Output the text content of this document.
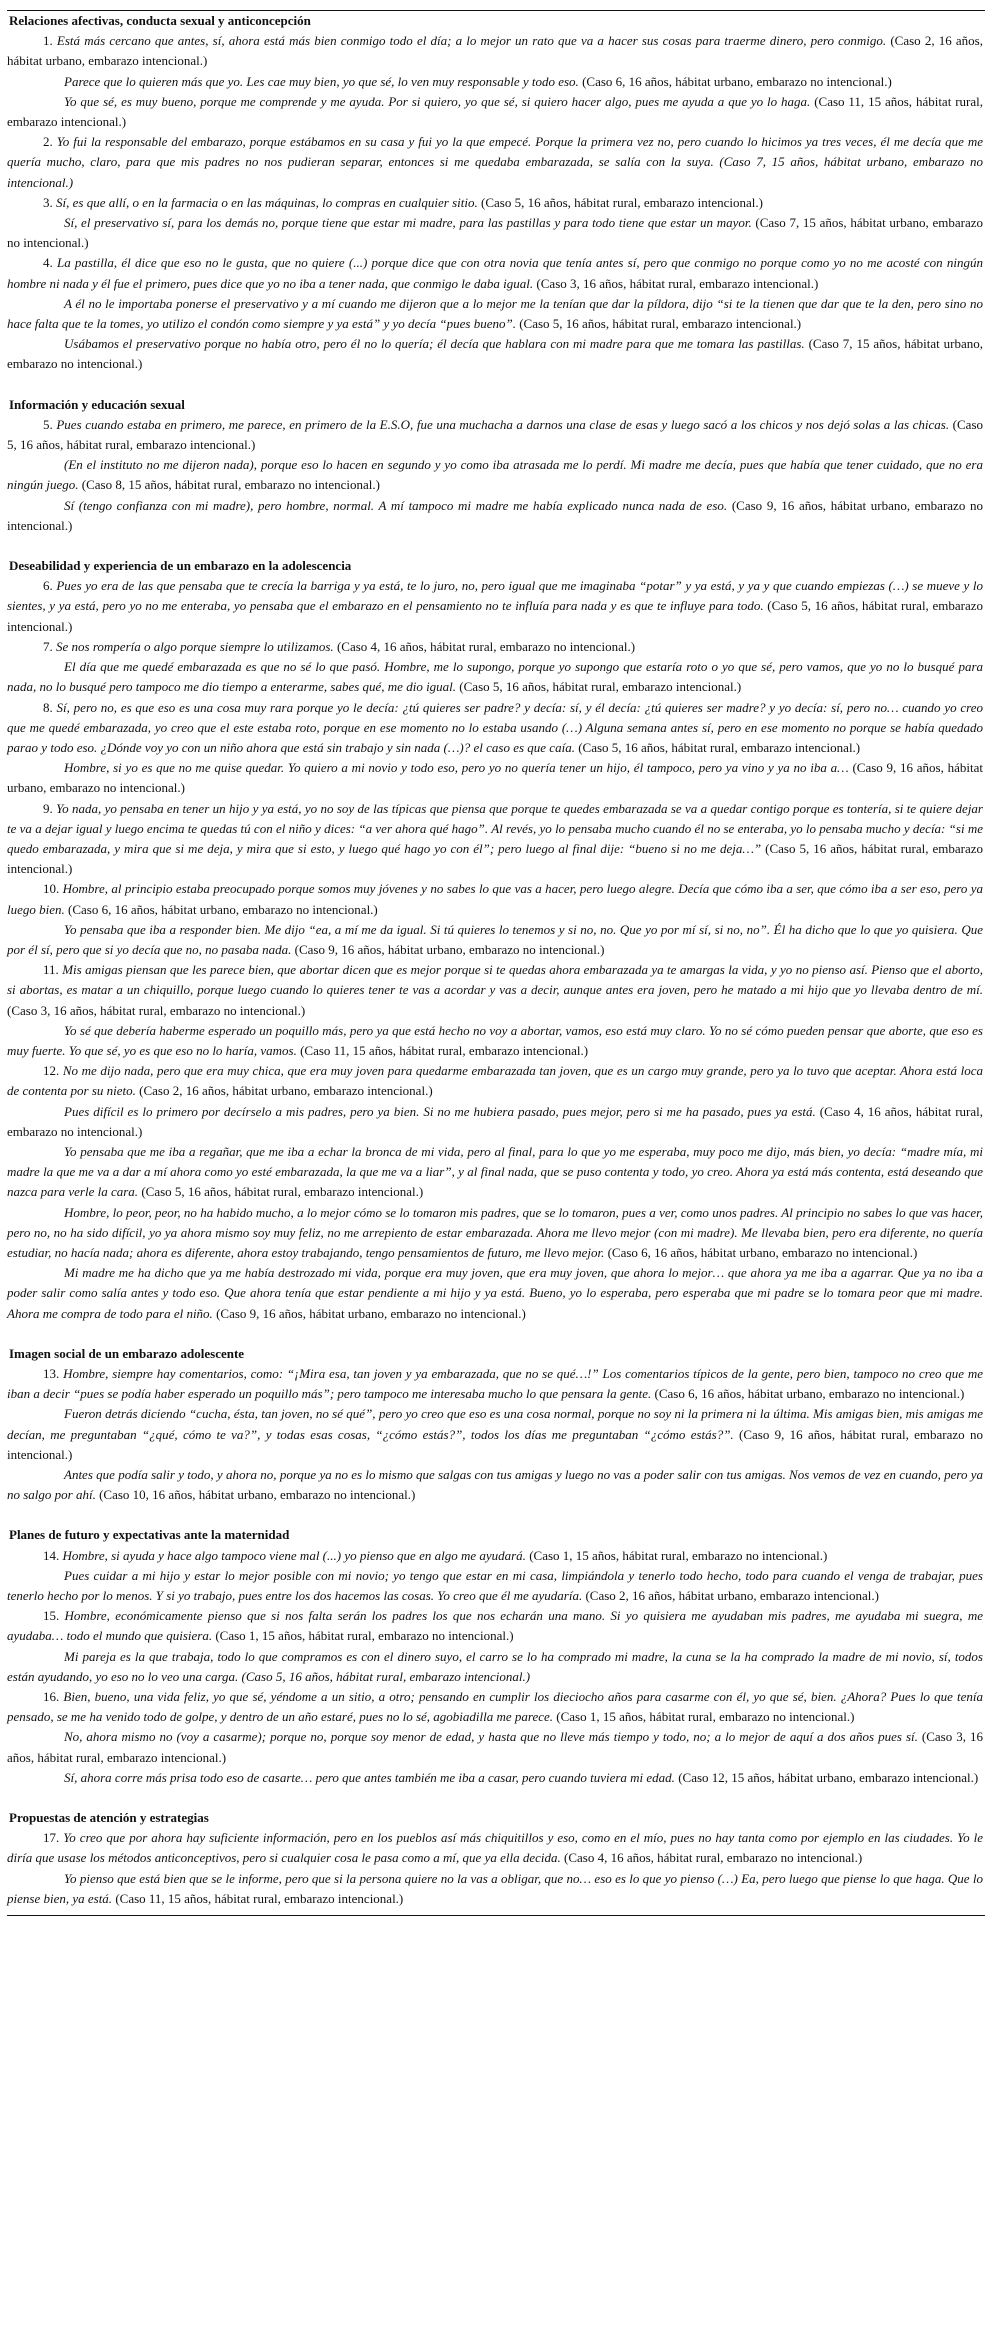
Relaciones afectivas, conducta sexual y anticoncepción

1. Está más cercano que antes, sí, ahora está más bien conmigo todo el día; a lo mejor un rato que va a hacer sus cosas para traerme dinero, pero conmigo. (Caso 2, 16 años, hábitat urbano, embarazo intencional.)

Parece que lo quieren más que yo. Les cae muy bien, yo que sé, lo ven muy responsable y todo eso. (Caso 6, 16 años, hábitat urbano, embarazo no intencional.)

Yo que sé, es muy bueno, porque me comprende y me ayuda. Por si quiero, yo que sé, si quiero hacer algo, pues me ayuda a que yo lo haga. (Caso 11, 15 años, hábitat rural, embarazo intencional.)

2. Yo fui la responsable del embarazo, porque estábamos en su casa y fui yo la que empecé. Porque la primera vez no, pero cuando lo hicimos ya tres veces, él me decía que me quería mucho, claro, para que mis padres no nos pudieran separar, entonces si me quedaba embarazada, se salía con la suya. (Caso 7, 15 años, hábitat urbano, embarazo no intencional.)

3. Sí, es que allí, o en la farmacia o en las máquinas, lo compras en cualquier sitio. (Caso 5, 16 años, hábitat rural, embarazo intencional.)

Sí, el preservativo sí, para los demás no, porque tiene que estar mi madre, para las pastillas y para todo tiene que estar un mayor. (Caso 7, 15 años, hábitat urbano, embarazo no intencional.)

4. La pastilla, él dice que eso no le gusta, que no quiere (...) porque dice que con otra novia que tenía antes sí, pero que conmigo no porque como yo no me acosté con ningún hombre ni nada y él fue el primero, pues dice que yo no iba a tener nada, que conmigo le daba igual. (Caso 3, 16 años, hábitat rural, embarazo intencional.)

A él no le importaba ponerse el preservativo y a mí cuando me dijeron que a lo mejor me la tenían que dar la píldora, dijo “si te la tienen que dar que te la den, pero sino no hace falta que te la tomes, yo utilizo el condón como siempre y ya está” y yo decía “pues bueno”. (Caso 5, 16 años, hábitat rural, embarazo intencional.)

Usábamos el preservativo porque no había otro, pero él no lo quería; él decía que hablara con mi madre para que me tomara las pastillas. (Caso 7, 15 años, hábitat urbano, embarazo no intencional.)

Información y educación sexual

5. Pues cuando estaba en primero, me parece, en primero de la E.S.O, fue una muchacha a darnos una clase de esas y luego sacó a los chicos y nos dejó solas a las chicas. (Caso 5, 16 años, hábitat rural, embarazo intencional.)

(En el instituto no me dijeron nada), porque eso lo hacen en segundo y yo como iba atrasada me lo perdí. Mi madre me decía, pues que había que tener cuidado, que no era ningún juego. (Caso 8, 15 años, hábitat rural, embarazo no intencional.)

Sí (tengo confianza con mi madre), pero hombre, normal. A mí tampoco mi madre me había explicado nunca nada de eso. (Caso 9, 16 años, hábitat urbano, embarazo no intencional.)

Deseabilidad y experiencia de un embarazo en la adolescencia

6. Pues yo era de las que pensaba que te crecía la barriga y ya está, te lo juro, no, pero igual que me imaginaba “potar” y ya está, y ya y que cuando empiezas (…) se mueve y lo sientes, y ya está, pero yo no me enteraba, yo pensaba que el embarazo en el pensamiento no te influía para nada y es que te influye para todo. (Caso 5, 16 años, hábitat rural, embarazo intencional.)

7. Se nos rompería o algo porque siempre lo utilizamos. (Caso 4, 16 años, hábitat rural, embarazo no intencional.)

El día que me quedé embarazada es que no sé lo que pasó. Hombre, me lo supongo, porque yo supongo que estaría roto o yo que sé, pero vamos, que yo no lo busqué para nada, no lo busqué pero tampoco me dio tiempo a enterarme, sabes qué, me dio igual. (Caso 5, 16 años, hábitat rural, embarazo intencional.)

8. Sí, pero no, es que eso es una cosa muy rara porque yo le decía: ¿tú quieres ser padre? y decía: sí, y él decía: ¿tú quieres ser madre? y yo decía: sí, pero no… cuando yo creo que me quedé embarazada, yo creo que el este estaba roto, porque en ese momento no lo estaba usando (…) Alguna semana antes sí, pero en ese momento no porque se había quedado parao y todo eso. ¿Dónde voy yo con un niño ahora que está sin trabajo y sin nada (…)? el caso es que caía. (Caso 5, 16 años, hábitat rural, embarazo intencional.)

Hombre, si yo es que no me quise quedar. Yo quiero a mi novio y todo eso, pero yo no quería tener un hijo, él tampoco, pero ya vino y ya no iba a… (Caso 9, 16 años, hábitat urbano, embarazo no intencional.)

9. Yo nada, yo pensaba en tener un hijo y ya está, yo no soy de las típicas que piensa que porque te quedes embarazada se va a quedar contigo porque es tontería, si te quiere dejar te va a dejar igual y luego encima te quedas tú con el niño y dices: “a ver ahora qué hago”. Al revés, yo lo pensaba mucho cuando él no se enteraba, yo lo pensaba mucho y decía: “si me quedo embarazada, y mira que si me deja, y mira que si esto, y luego qué hago yo con él”; pero luego al final dije: “bueno si no me deja…” (Caso 5, 16 años, hábitat rural, embarazo intencional.)

10. Hombre, al principio estaba preocupado porque somos muy jóvenes y no sabes lo que vas a hacer, pero luego alegre. Decía que cómo iba a ser, que cómo iba a ser eso, pero ya luego bien. (Caso 6, 16 años, hábitat urbano, embarazo no intencional.)

Yo pensaba que iba a responder bien. Me dijo “ea, a mí me da igual. Si tú quieres lo tenemos y si no, no. Que yo por mí sí, si no, no”. Él ha dicho que lo que yo quisiera. Que por él sí, pero que si yo decía que no, no pasaba nada. (Caso 9, 16 años, hábitat urbano, embarazo no intencional.)

11. Mis amigas piensan que les parece bien, que abortar dicen que es mejor porque si te quedas ahora embarazada ya te amargas la vida, y yo no pienso así. Pienso que el aborto, si abortas, es matar a un chiquillo, porque luego cuando lo quieres tener te vas a acordar y vas a decir, aunque antes era joven, pero he matado a mi hijo que yo llevaba dentro de mí. (Caso 3, 16 años, hábitat rural, embarazo no intencional.)

Yo sé que debería haberme esperado un poquillo más, pero ya que está hecho no voy a abortar, vamos, eso está muy claro. Yo no sé cómo pueden pensar que aborte, que eso es muy fuerte. Yo que sé, yo es que eso no lo haría, vamos. (Caso 11, 15 años, hábitat rural, embarazo intencional.)

12. No me dijo nada, pero que era muy chica, que era muy joven para quedarme embarazada tan joven, que es un cargo muy grande, pero ya lo tuvo que aceptar. Ahora está loca de contenta por su nieto. (Caso 2, 16 años, hábitat urbano, embarazo intencional.)

Pues difícil es lo primero por decírselo a mis padres, pero ya bien. Si no me hubiera pasado, pues mejor, pero si me ha pasado, pues ya está. (Caso 4, 16 años, hábitat rural, embarazo no intencional.)

Yo pensaba que me iba a regañar, que me iba a echar la bronca de mi vida, pero al final, para lo que yo me esperaba, muy poco me dijo, más bien, yo decía: “madre mía, mi madre la que me va a dar a mí ahora como yo esté embarazada, la que me va a liar”, y al final nada, que se puso contenta y todo, yo creo. Ahora ya está más contenta, está deseando que nazca para verle la cara. (Caso 5, 16 años, hábitat rural, embarazo intencional.)

Hombre, lo peor, peor, no ha habido mucho, a lo mejor cómo se lo tomaron mis padres, que se lo tomaron, pues a ver, como unos padres. Al principio no sabes lo que vas hacer, pero no, no ha sido difícil, yo ya ahora mismo soy muy feliz, no me arrepiento de estar embarazada. Ahora me llevo mejor (con mi madre). Me llevaba bien, pero era diferente, no quería estudiar, no hacía nada; ahora es diferente, ahora estoy trabajando, tengo pensamientos de futuro, me llevo mejor. (Caso 6, 16 años, hábitat urbano, embarazo no intencional.)

Mi madre me ha dicho que ya me había destrozado mi vida, porque era muy joven, que era muy joven, que ahora lo mejor… que ahora ya me iba a agarrar. Que ya no iba a poder salir como salía antes y todo eso. Que ahora tenía que estar pendiente a mi hijo y ya está. Bueno, yo lo esperaba, pero esperaba que mi padre se lo tomara peor que mi madre. Ahora me compra de todo para el niño. (Caso 9, 16 años, hábitat urbano, embarazo no intencional.)

Imagen social de un embarazo adolescente

13. Hombre, siempre hay comentarios, como: “¡Mira esa, tan joven y ya embarazada, que no se qué…!” Los comentarios típicos de la gente, pero bien, tampoco no creo que me iban a decir “pues se podía haber esperado un poquillo más”; pero tampoco me interesaba mucho lo que pensara la gente. (Caso 6, 16 años, hábitat urbano, embarazo no intencional.)

Fueron detrás diciendo “cucha, ésta, tan joven, no sé qué”, pero yo creo que eso es una cosa normal, porque no soy ni la primera ni la última. Mis amigas bien, mis amigas me decían, me preguntaban “¿qué, cómo te va?”, y todas esas cosas, “¿cómo estás?”, todos los días me preguntaban “¿cómo estás?”. (Caso 9, 16 años, hábitat rural, embarazo no intencional.)

Antes que podía salir y todo, y ahora no, porque ya no es lo mismo que salgas con tus amigas y luego no vas a poder salir con tus amigas. Nos vemos de vez en cuando, pero ya no salgo por ahí. (Caso 10, 16 años, hábitat urbano, embarazo no intencional.)

Planes de futuro y expectativas ante la maternidad

14. Hombre, si ayuda y hace algo tampoco viene mal (...) yo pienso que en algo me ayudará. (Caso 1, 15 años, hábitat rural, embarazo no intencional.)

Pues cuidar a mi hijo y estar lo mejor posible con mi novio; yo tengo que estar en mi casa, limpiándola y tenerlo todo hecho, todo para cuando el venga de trabajar, pues tenerlo hecho por lo menos. Y si yo trabajo, pues entre los dos hacemos las cosas. Yo creo que él me ayudaría. (Caso 2, 16 años, hábitat urbano, embarazo intencional.)

15. Hombre, económicamente pienso que si nos falta serán los padres los que nos echarán una mano. Si yo quisiera me ayudaban mis padres, me ayudaba mi suegra, me ayudaba… todo el mundo que quisiera. (Caso 1, 15 años, hábitat rural, embarazo no intencional.)

Mi pareja es la que trabaja, todo lo que compramos es con el dinero suyo, el carro se lo ha comprado mi madre, la cuna se la ha comprado la madre de mi novio, sí, todos están ayudando, yo eso no lo veo una carga. (Caso 5, 16 años, hábitat rural, embarazo intencional.)

16. Bien, bueno, una vida feliz, yo que sé, yéndome a un sitio, a otro; pensando en cumplir los dieciocho años para casarme con él, yo que sé, bien. ¿Ahora? Pues lo que tenía pensado, se me ha venido todo de golpe, y dentro de un año estaré, pues no lo sé, agobiadilla me parece. (Caso 1, 15 años, hábitat rural, embarazo no intencional.)

No, ahora mismo no (voy a casarme); porque no, porque soy menor de edad, y hasta que no lleve más tiempo y todo, no; a lo mejor de aquí a dos años pues sí. (Caso 3, 16 años, hábitat rural, embarazo intencional.)

Sí, ahora corre más prisa todo eso de casarte… pero que antes también me iba a casar, pero cuando tuviera mi edad. (Caso 12, 15 años, hábitat urbano, embarazo intencional.)

Propuestas de atención y estrategias

17. Yo creo que por ahora hay suficiente información, pero en los pueblos así más chiquitillos y eso, como en el mío, pues no hay tanta como por ejemplo en las ciudades. Yo le diría que usase los métodos anticonceptivos, pero si cualquier cosa le pasa como a mí, que ya ella decida. (Caso 4, 16 años, hábitat rural, embarazo no intencional.)

Yo pienso que está bien que se le informe, pero que si la persona quiere no la vas a obligar, que no… eso es lo que yo pienso (…) Ea, pero luego que piense lo que haga. Que lo piense bien, ya está. (Caso 11, 15 años, hábitat rural, embarazo intencional.)
